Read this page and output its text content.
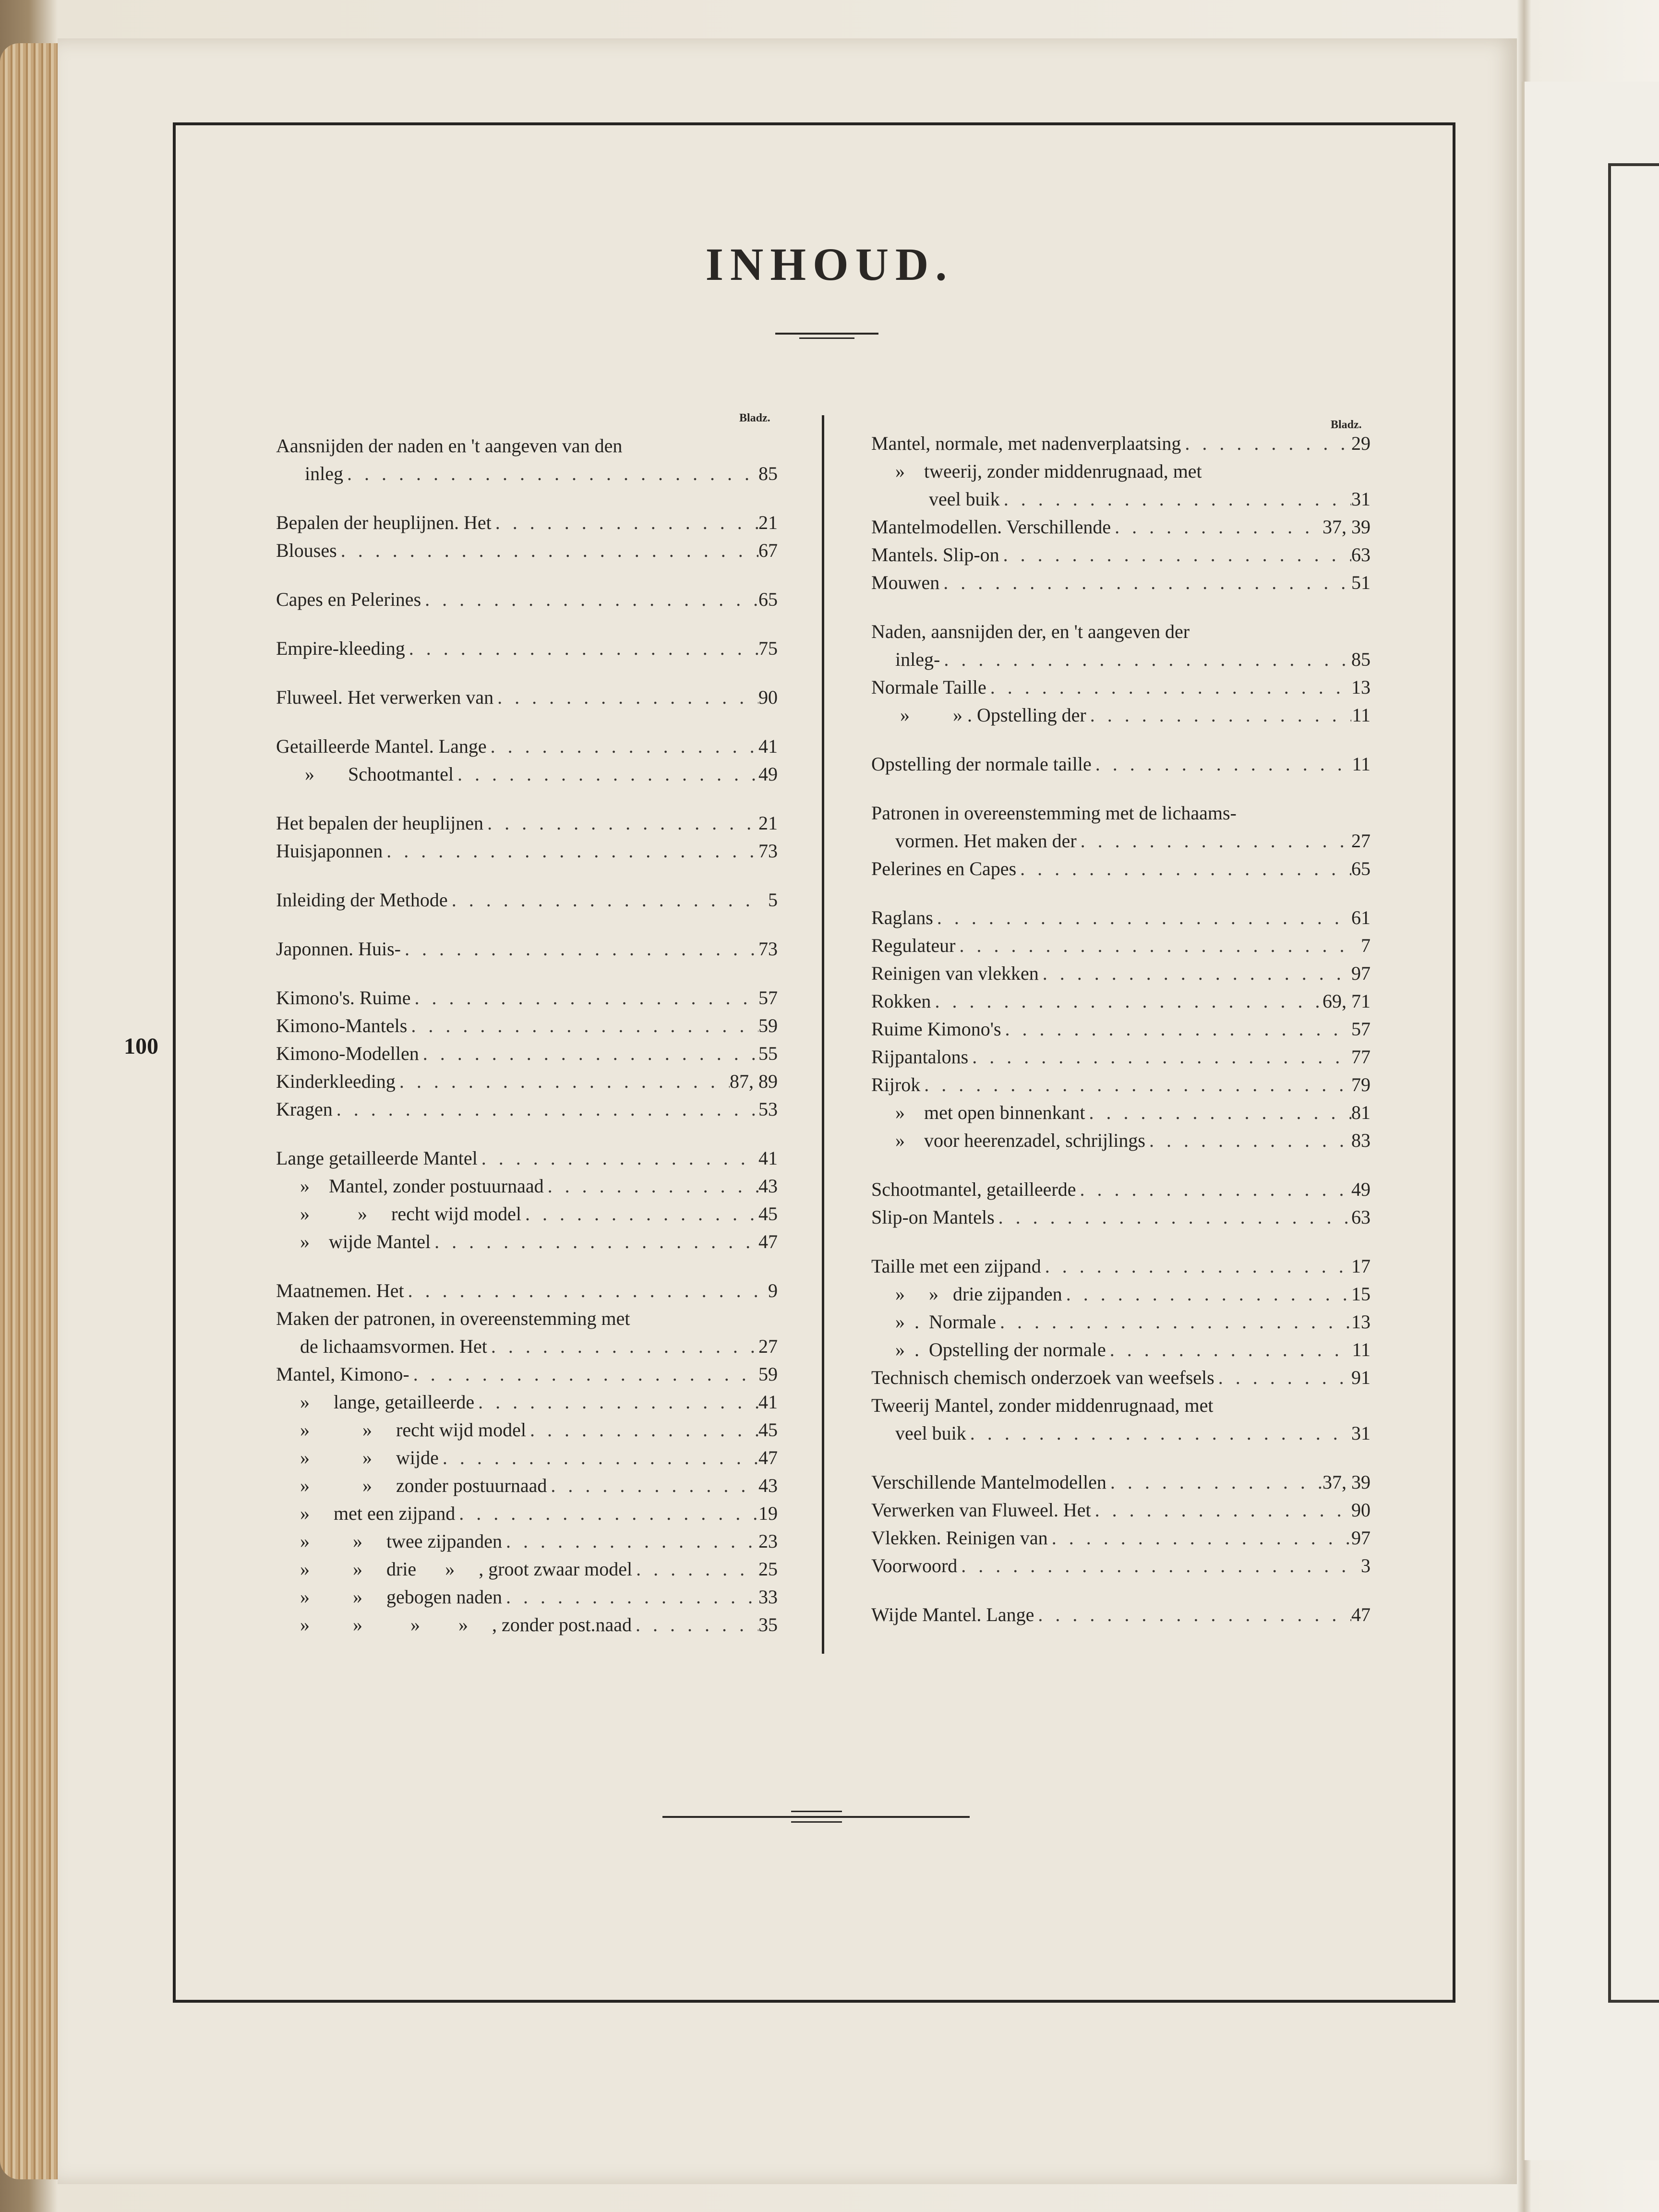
INHOUD.
Bladz.
Bladz.
100
Aansnijden der naden en 't aangeven van den
inleg . . .	85
Bepalen der heuplijnen. Het . . .	21
Blouses . . .	67
Capes en Pelerines . . .	65
Empire-kleeding . . .	75
Fluweel. Het verwerken van . . .	90
Getailleerde Mantel. Lange . . .	41
»       Schootmantel . . .	49
Het bepalen der heuplijnen . . .	21
Huisjaponnen . . .	73
Inleiding der Methode . . .	5
Japonnen. Huis- . . .	73
Kimono's. Ruime . . .	57
Kimono-Mantels . . .	59
Kimono-Modellen . . .	55
Kinderkleeding . . .	87, 89
Kragen . . .	53
Lange getailleerde Mantel . . .	41
»    Mantel, zonder postuurnaad . . .	43
»          »     recht wijd model . . .	45
»    wijde Mantel . . .	47
Maatnemen. Het . . .	9
Maken der patronen, in overeenstemming met
de lichaamsvormen. Het . . .	27
Mantel, Kimono- . . .	59
»     lange, getailleerde . . .	41
»           »     recht wijd model . . .	45
»           »     wijde . . .	47
»           »     zonder postuurnaad . . .	43
»     met een zijpand . . .	19
»         »     twee zijpanden . . .	23
»         »     drie      »     , groot zwaar model . . .	25
»         »     gebogen naden . . .	33
»         »          »        »     , zonder post.naad . . .	35
Mantel, normale, met nadenverplaatsing . . .	29
»    tweerij, zonder middenrugnaad, met
veel buik . . .	31
Mantelmodellen. Verschillende . . .	37, 39
Mantels. Slip-on . . .	63
Mouwen . . .	51
Naden, aansnijden der, en 't aangeven der
inleg- . . .	85
Normale Taille . . .	13
»         » . Opstelling der . . .	11
Opstelling der normale taille . . .	11
Patronen in overeenstemming met de lichaams-
vormen. Het maken der . . .	27
Pelerines en Capes . . .	65
Raglans . . .	61
Regulateur . . .	7
Reinigen van vlekken . . .	97
Rokken . . .	69, 71
Ruime Kimono's . . .	57
Rijpantalons . . .	77
Rijrok . . .	79
»    met open binnenkant . . .	81
»    voor heerenzadel, schrijlings . . .	83
Schootmantel, getailleerde . . .	49
Slip-on Mantels . . .	63
Taille met een zijpand . . .	17
»     »   drie zijpanden . . .	15
»  .  Normale . . .	13
»  .  Opstelling der normale . . .	11
Technisch chemisch onderzoek van weefsels . . .	91
Tweerij Mantel, zonder middenrugnaad, met
veel buik . . .	31
Verschillende Mantelmodellen . . .	37, 39
Verwerken van Fluweel. Het . . .	90
Vlekken. Reinigen van . . .	97
Voorwoord . . .	3
Wijde Mantel. Lange . . .	47
